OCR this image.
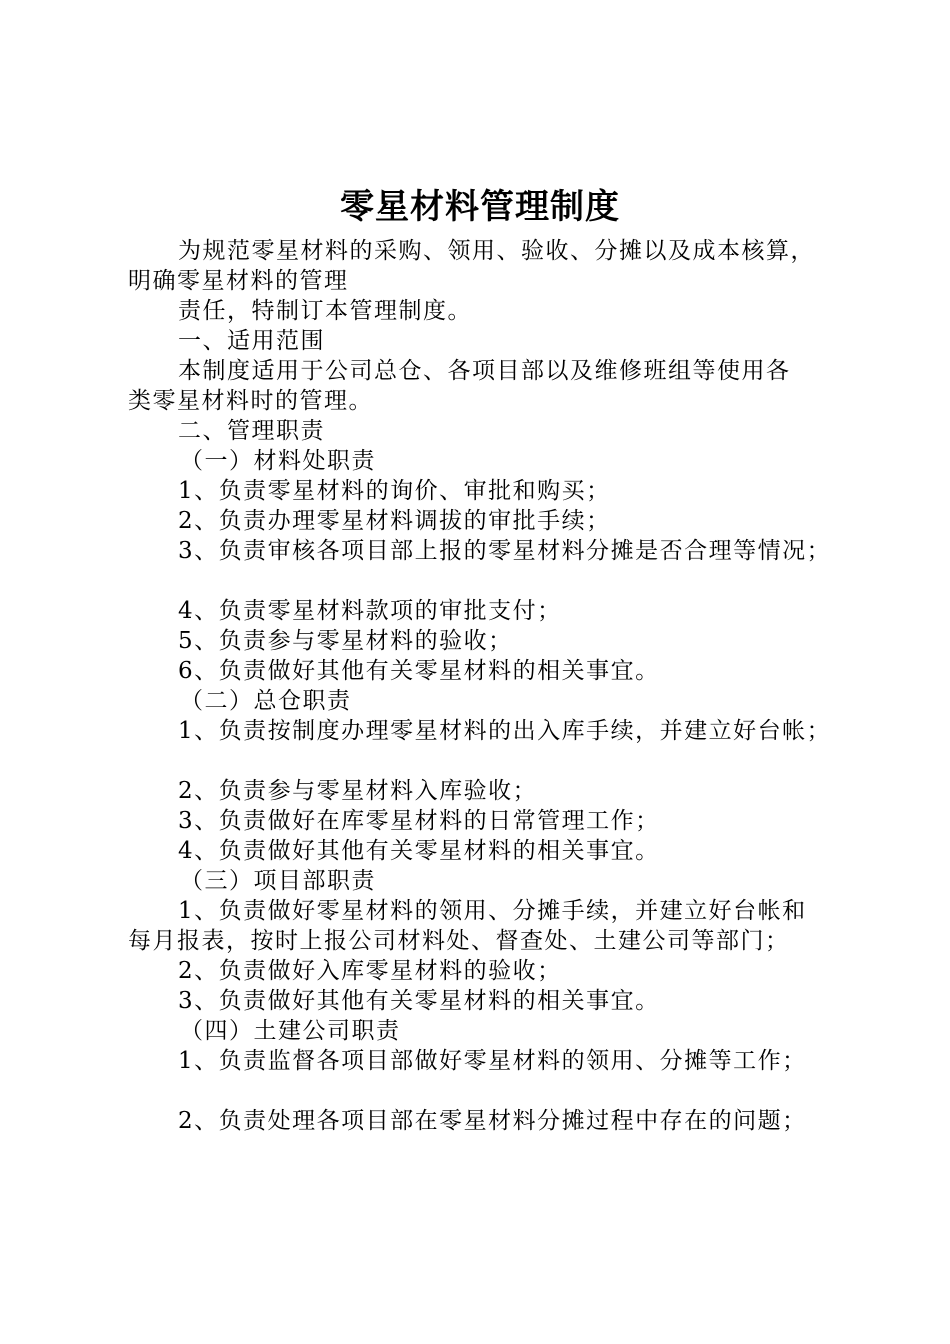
零星材料管理制度
为规范零星材料的采购、领用、验收、分摊以及成本核算，
明确零星材料的管理
责任，特制订本管理制度。
一、适用范围
本制度适用于公司总仓、各项目部以及维修班组等使用各
类零星材料时的管理。
二、管理职责
（一）材料处职责
1、负责零星材料的询价、审批和购买；
2、负责办理零星材料调拔的审批手续；
3、负责审核各项目部上报的零星材料分摊是否合理等情况；
4、负责零星材料款项的审批支付；
5、负责参与零星材料的验收；
6、负责做好其他有关零星材料的相关事宜。
（二）总仓职责
1、负责按制度办理零星材料的出入库手续，并建立好台帐；
2、负责参与零星材料入库验收；
3、负责做好在库零星材料的日常管理工作；
4、负责做好其他有关零星材料的相关事宜。
（三）项目部职责
1、负责做好零星材料的领用、分摊手续，并建立好台帐和
每月报表，按时上报公司材料处、督查处、土建公司等部门；
2、负责做好入库零星材料的验收；
3、负责做好其他有关零星材料的相关事宜。
（四）土建公司职责
1、负责监督各项目部做好零星材料的领用、分摊等工作；
2、负责处理各项目部在零星材料分摊过程中存在的问题；
